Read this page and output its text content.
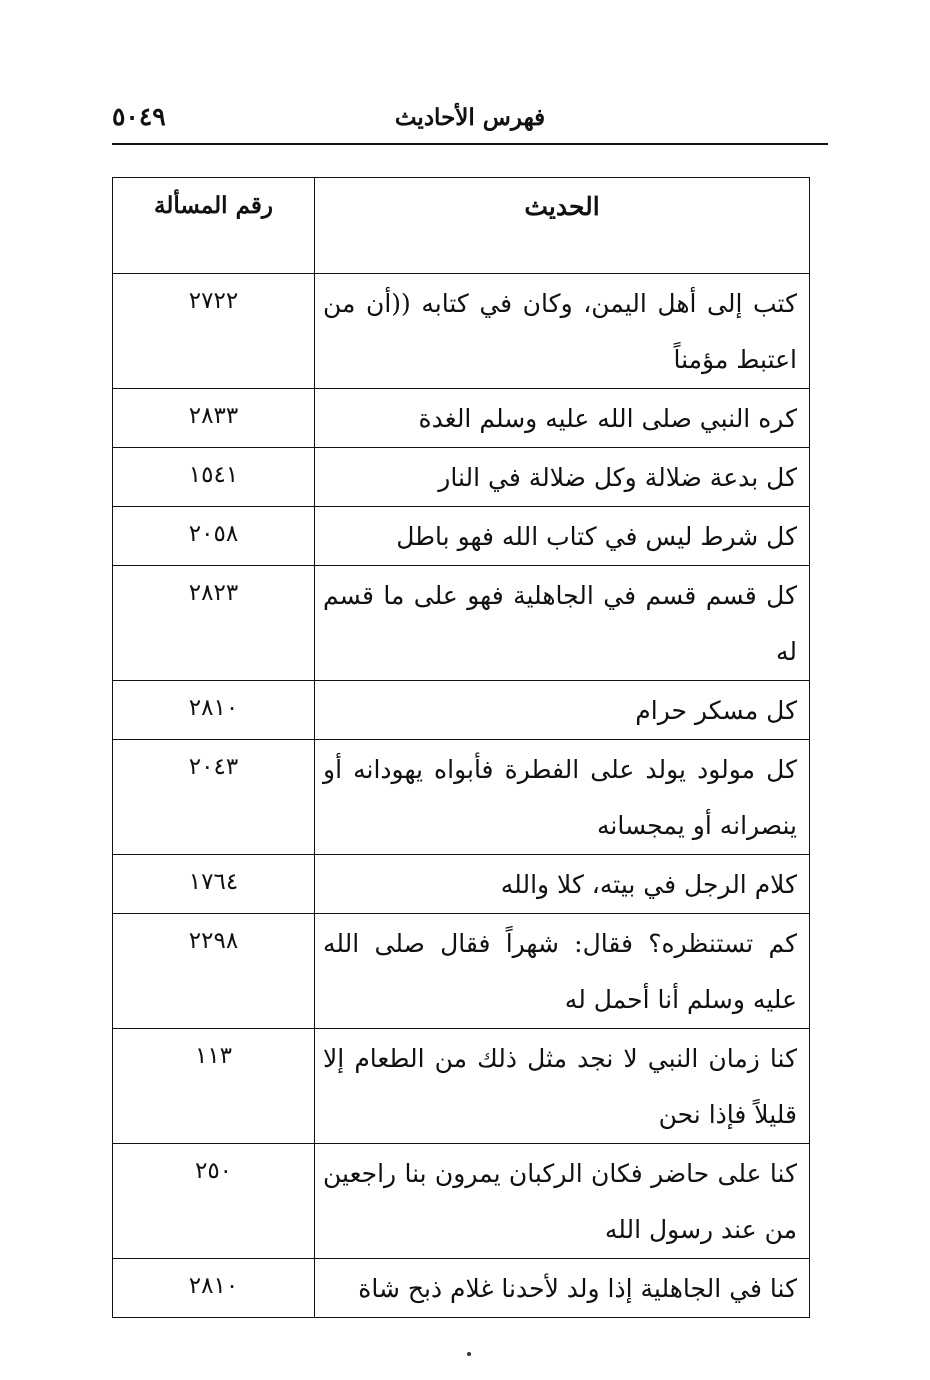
فهرس الأحاديث
٥٠٤٩
الحديث	رقم المسألة
كتب إلى أهل اليمن، وكان في كتابه ((أن من اعتبط مؤمناً	٢٧٢٢
كره النبي صلى الله عليه وسلم الغدة	٢٨٣٣
كل بدعة ضلالة وكل ضلالة في النار	١٥٤١
كل شرط ليس في كتاب الله فهو باطل	٢٠٥٨
كل قسم قسم في الجاهلية فهو على ما قسم له	٢٨٢٣
كل مسكر حرام	٢٨١٠
كل مولود يولد على الفطرة فأبواه يهودانه أو ينصرانه أو يمجسانه	٢٠٤٣
كلام الرجل في بيته، كلا والله	١٧٦٤
كم تستنظره؟ فقال: شهراً فقال صلى الله عليه وسلم أنا أحمل له	٢٢٩٨
كنا زمان النبي لا نجد مثل ذلك من الطعام إلا قليلاً فإذا نحن	١١٣
كنا على حاضر فكان الركبان يمرون بنا راجعين من عند رسول الله	٢٥٠
كنا في الجاهلية إذا ولد لأحدنا غلام ذبح شاة	٢٨١٠
